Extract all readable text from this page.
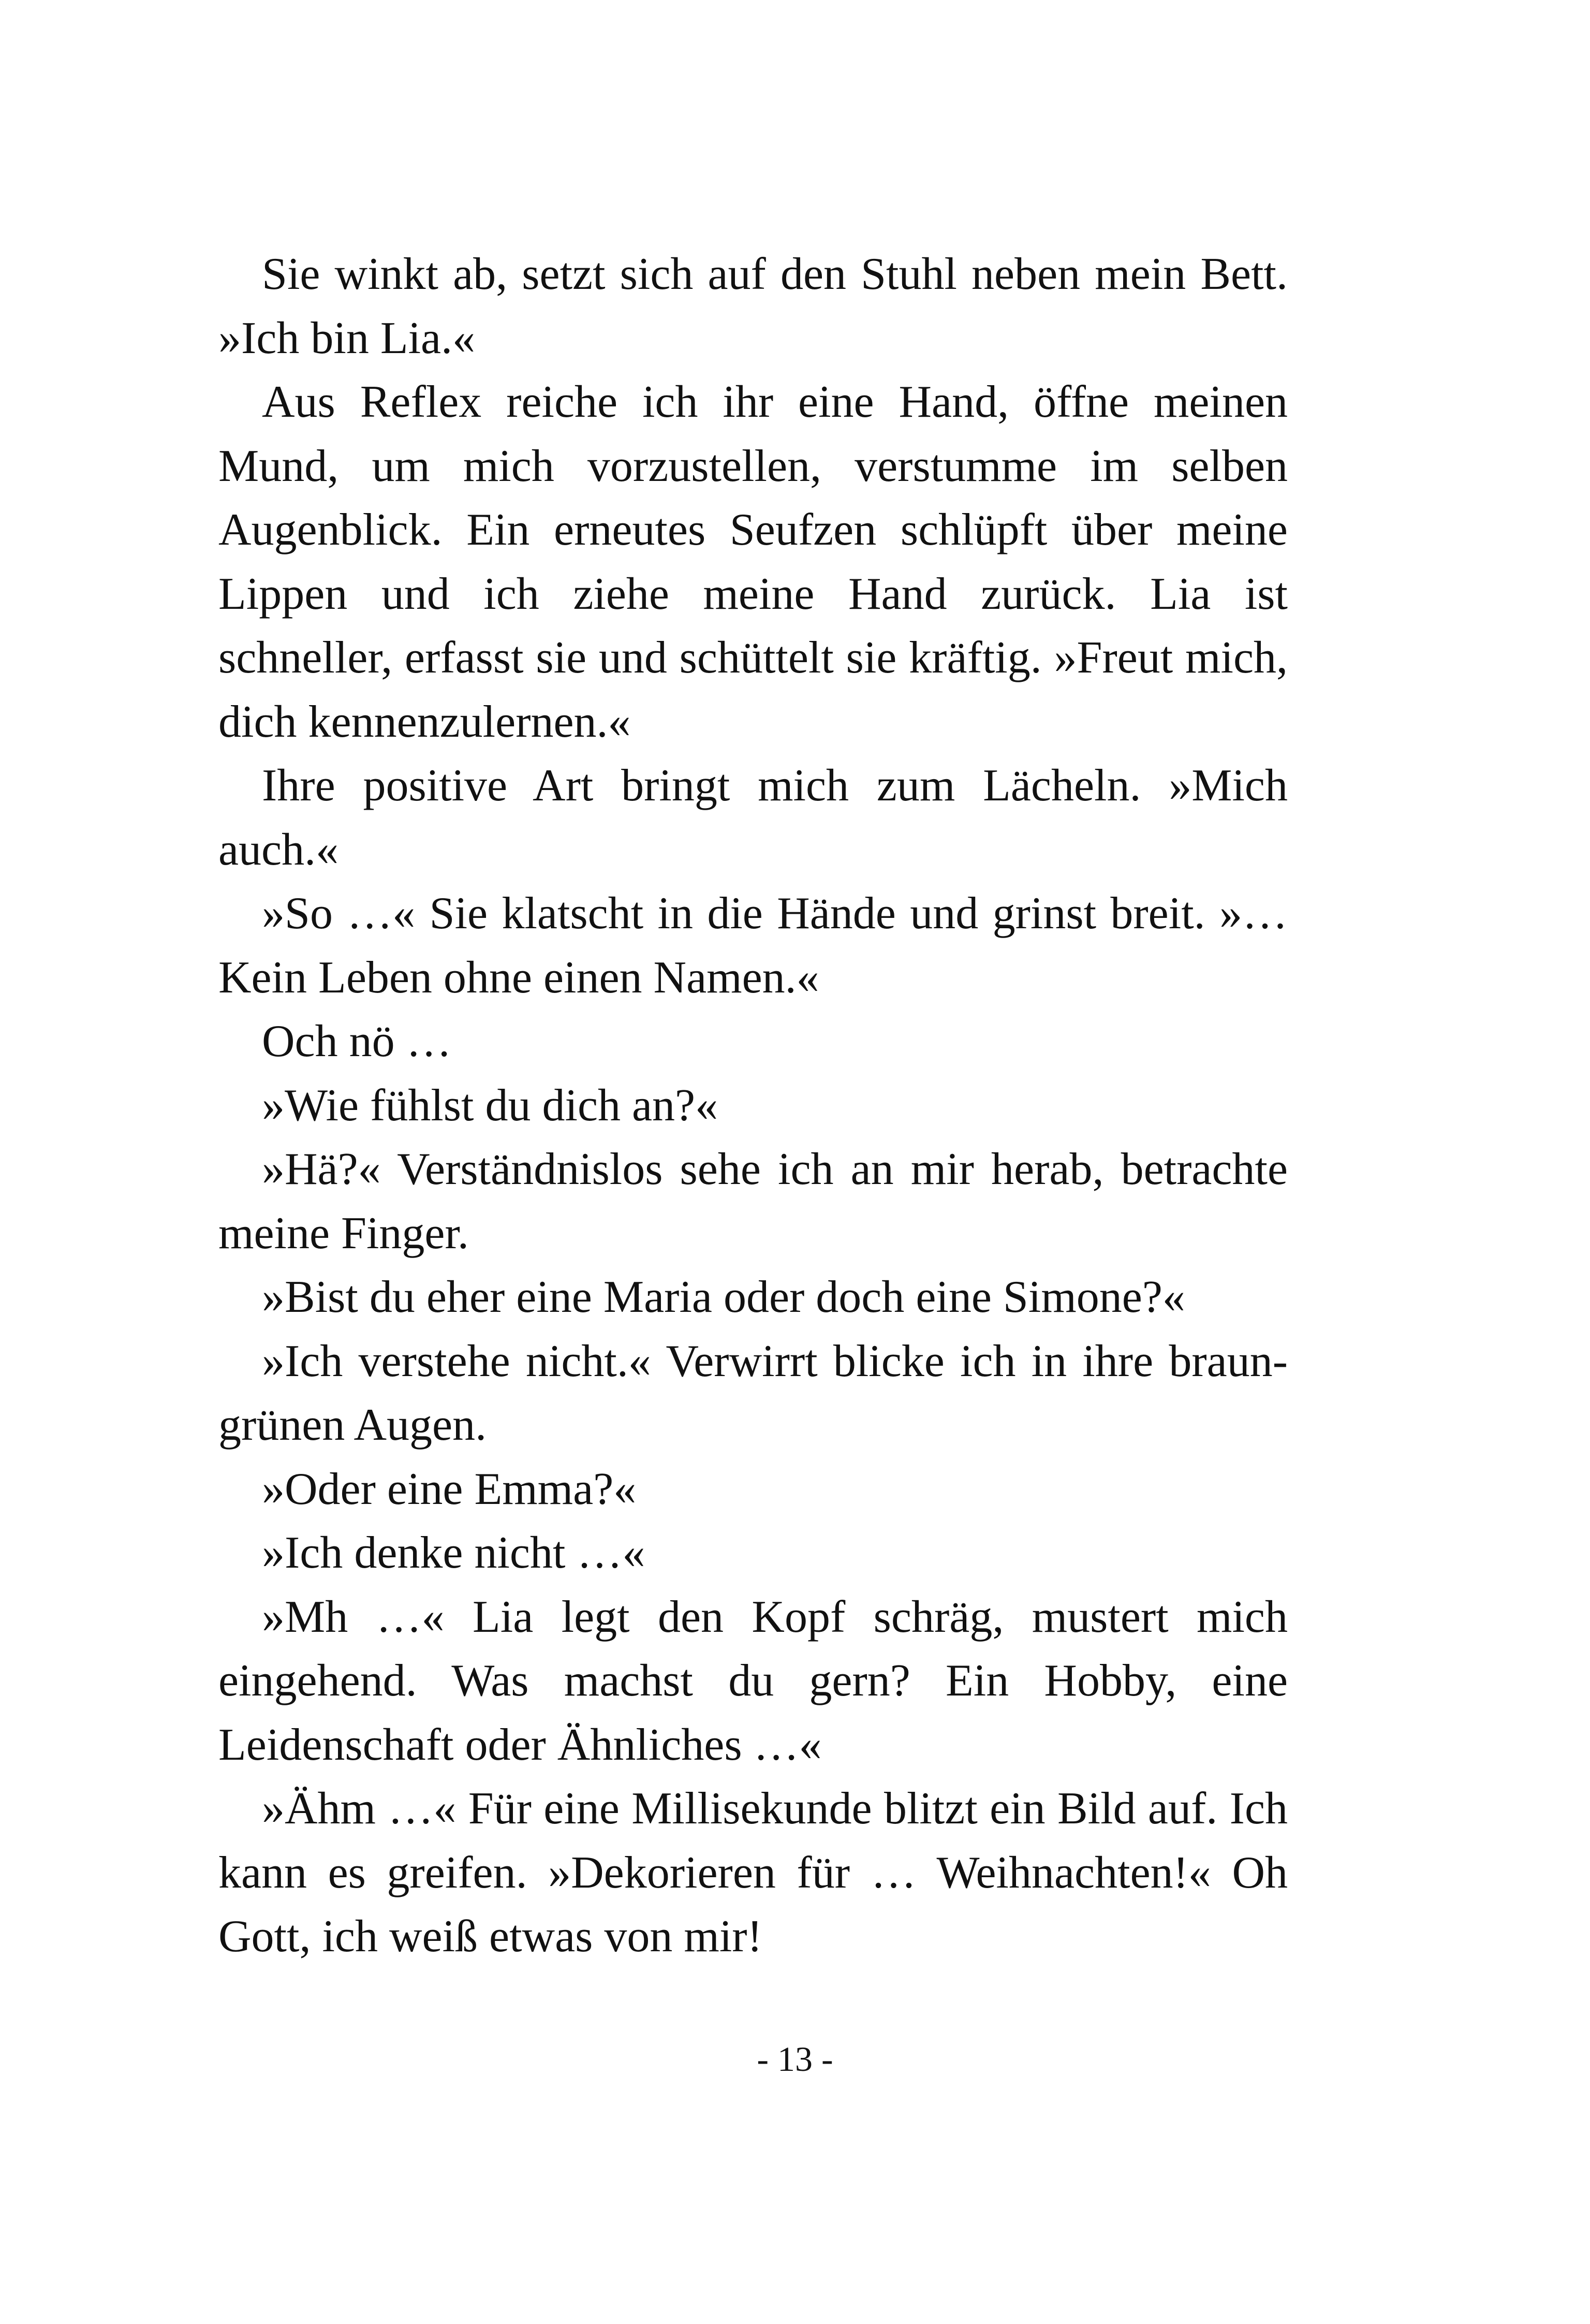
Sie winkt ab, setzt sich auf den Stuhl neben mein Bett. »Ich bin Lia.«

Aus Reflex reiche ich ihr eine Hand, öffne meinen Mund, um mich vorzustellen, verstumme im selben Augenblick. Ein erneutes Seufzen schlüpft über meine Lippen und ich ziehe meine Hand zurück. Lia ist schneller, erfasst sie und schüttelt sie kräftig. »Freut mich, dich kennenzulernen.«

Ihre positive Art bringt mich zum Lächeln. »Mich auch.«

»So …« Sie klatscht in die Hände und grinst breit. »… Kein Leben ohne einen Namen.«

Och nö …

»Wie fühlst du dich an?«

»Hä?« Verständnislos sehe ich an mir herab, betrachte meine Finger.

»Bist du eher eine Maria oder doch eine Simone?«

»Ich verstehe nicht.« Verwirrt blicke ich in ihre braun-grünen Augen.

»Oder eine Emma?«

»Ich denke nicht …«

»Mh …« Lia legt den Kopf schräg, mustert mich eingehend. Was machst du gern? Ein Hobby, eine Leidenschaft oder Ähnliches …«

»Ähm …« Für eine Millisekunde blitzt ein Bild auf. Ich kann es greifen. »Dekorieren für … Weihnachten!« Oh Gott, ich weiß etwas von mir!

- 13 -
